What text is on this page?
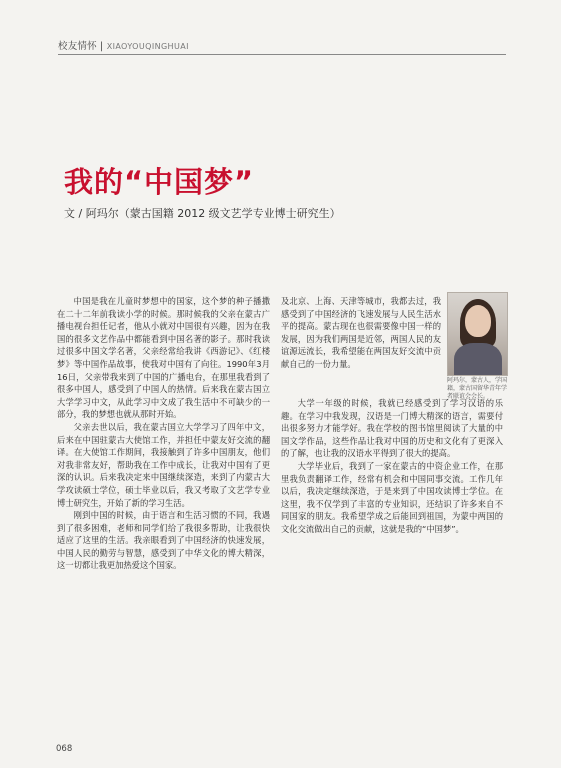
校友情怀 | XIAOYOUQINGHUAI
我的“中国梦”
文 / 阿玛尔（蒙古国籍 2012 级文艺学专业博士研究生）

中国是我在儿童时梦想中的国家，这个梦的种子播撒在二十二年前我读小学的时候。那时候我的父亲在蒙古广播电视台担任记者，他从小就对中国很有兴趣，因为在我国的很多文艺作品中都能看到中国名著的影子。那时我读过很多中国文学名著，父亲经常给我讲《西游记》、《红楼梦》等中国作品故事，使我对中国有了向往。1990年3月16日，父亲带我来到了中国的广播电台，在那里我看到了很多中国人，感受到了中国人的热情。后来我在蒙古国立大学学习中文，从此学习中文成了我生活中不可缺少的一部分，我的梦想也就从那时开始。

父亲去世以后，我在蒙古国立大学学习了四年中文，后来在中国驻蒙古大使馆工作，并担任中蒙友好交流的翻译。在大使馆工作期间，我接触到了许多中国朋友，他们对我非常友好，帮助我在工作中成长，让我对中国有了更深的认识。后来我决定来中国继续深造，来到了内蒙古大学攻读硕士学位，硕士毕业以后，我又考取了文艺学专业博士研究生，开始了新的学习生活。

刚到中国的时候，由于语言和生活习惯的不同，我遇到了很多困难，老师和同学们给了我很多帮助，让我很快适应了这里的生活。我亲眼看到了中国经济的快速发展，中国人民的勤劳与智慧，感受到了中华文化的博大精深，这一切都让我更加热爱这个国家。

及北京、上海、天津等城市，我都去过，我感受到了中国经济的飞速发展与人民生活水平的提高。蒙古现在也很需要像中国一样的发展，因为我们两国是近邻，两国人民的友谊源远流长，我希望能在两国友好交流中贡献自己的一份力量。

阿玛尔，蒙古人，学国籍，蒙古国留华青年学者联谊会会长。

大学一年级的时候，我就已经感受到了学习汉语的乐趣。在学习中我发现，汉语是一门博大精深的语言，需要付出很多努力才能学好。我在学校的图书馆里阅读了大量的中国文学作品，这些作品让我对中国的历史和文化有了更深入的了解，也让我的汉语水平得到了很大的提高。

大学毕业后，我到了一家在蒙古的中资企业工作，在那里我负责翻译工作，经常有机会和中国同事交流。工作几年以后，我决定继续深造，于是来到了中国攻读博士学位。在这里，我不仅学到了丰富的专业知识，还结识了许多来自不同国家的朋友。我希望学成之后能回到祖国，为蒙中两国的文化交流做出自己的贡献，这就是我的“中国梦”。

068
